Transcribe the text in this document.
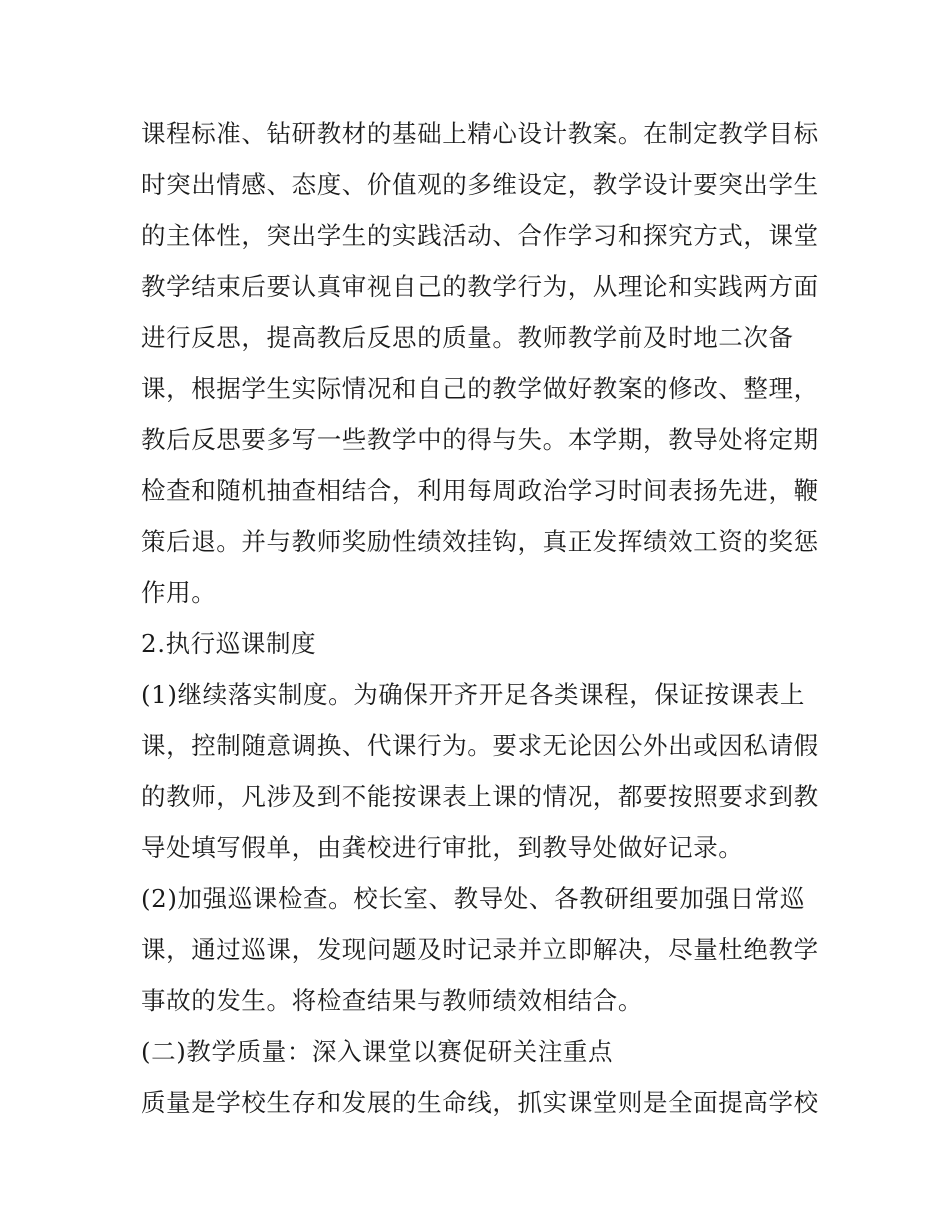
课程标准、钻研教材的基础上精心设计教案。在制定教学目标
时突出情感、态度、价值观的多维设定，教学设计要突出学生
的主体性，突出学生的实践活动、合作学习和探究方式，课堂
教学结束后要认真审视自己的教学行为，从理论和实践两方面
进行反思，提高教后反思的质量。教师教学前及时地二次备
课，根据学生实际情况和自己的教学做好教案的修改、整理，
教后反思要多写一些教学中的得与失。本学期，教导处将定期
检查和随机抽查相结合，利用每周政治学习时间表扬先进，鞭
策后退。并与教师奖励性绩效挂钩，真正发挥绩效工资的奖惩
作用。
2.执行巡课制度
(1)继续落实制度。为确保开齐开足各类课程，保证按课表上
课，控制随意调换、代课行为。要求无论因公外出或因私请假
的教师，凡涉及到不能按课表上课的情况，都要按照要求到教
导处填写假单，由龚校进行审批，到教导处做好记录。
(2)加强巡课检查。校长室、教导处、各教研组要加强日常巡
课，通过巡课，发现问题及时记录并立即解决，尽量杜绝教学
事故的发生。将检查结果与教师绩效相结合。
(二)教学质量：深入课堂以赛促研关注重点
质量是学校生存和发展的生命线，抓实课堂则是全面提高学校
